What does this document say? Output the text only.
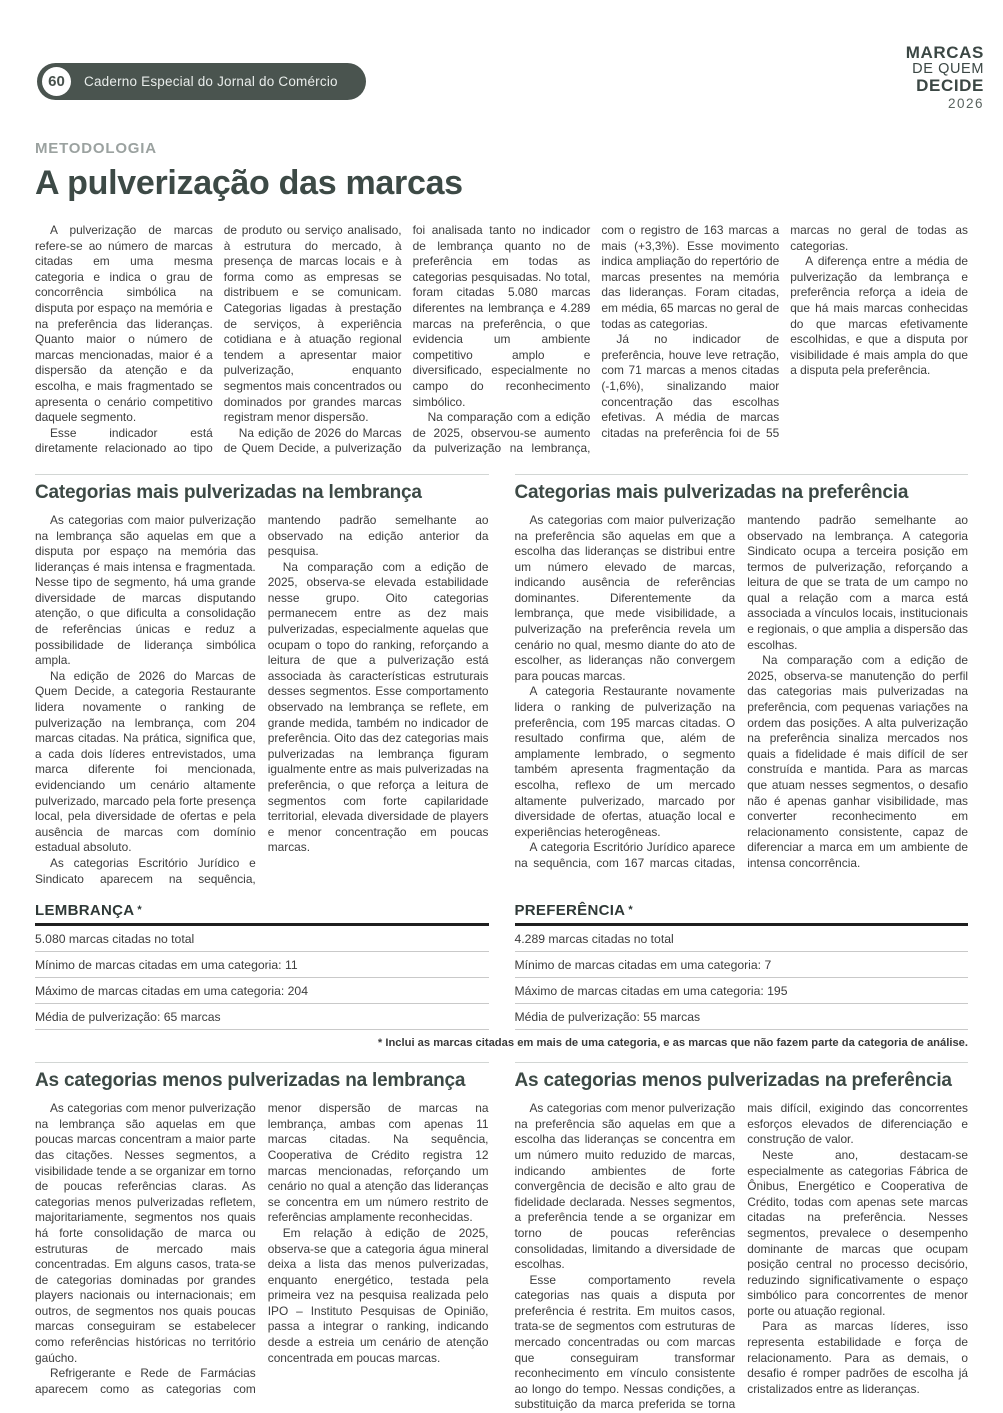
60	Caderno Especial do Jornal do Comércio
MARCAS
DE QUEM
DECIDE
2026
METODOLOGIA
A pulverização das marcas

A pulverização de marcas refere-se ao número de marcas citadas em uma mesma categoria e indica o grau de concorrência simbólica na disputa por espaço na memória e na preferência das lideranças. Quanto maior o número de marcas mencionadas, maior é a dispersão da atenção e da escolha, e mais fragmentado se apresenta o cenário competitivo daquele segmento.

Esse indicador está diretamente relacionado ao tipo de produto ou serviço analisado, à estrutura do mercado, à presença de marcas locais e à forma como as empresas se distribuem e se comunicam. Categorias ligadas à prestação de serviços, à experiência cotidiana e à atuação regional tendem a apresentar maior pulverização, enquanto segmentos mais concentrados ou dominados por grandes marcas registram menor dispersão.

Na edição de 2026 do Marcas de Quem Decide, a pulverização foi analisada tanto no indicador de lembrança quanto no de preferência em todas as categorias pesquisadas. No total, foram citadas 5.080 marcas diferentes na lembrança e 4.289 marcas na preferência, o que evidencia um ambiente competitivo amplo e diversificado, especialmente no campo do reconhecimento simbólico.

Na comparação com a edição de 2025, observou-se aumento da pulverização na lembrança, com o registro de 163 marcas a mais (+3,3%). Esse movimento indica ampliação do repertório de marcas presentes na memória das lideranças. Foram citadas, em média, 65 marcas no geral de todas as categorias.

Já no indicador de preferência, houve leve retração, com 71 marcas a menos citadas (-1,6%), sinalizando maior concentração das escolhas efetivas. A média de marcas citadas na preferência foi de 55 marcas no geral de todas as categorias.

A diferença entre a média de pulverização da lembrança e preferência reforça a ideia de que há mais marcas conhecidas do que marcas efetivamente escolhidas, e que a disputa por visibilidade é mais ampla do que a disputa pela preferência.

Categorias mais pulverizadas na lembrança

As categorias com maior pulverização na lembrança são aquelas em que a disputa por espaço na memória das lideranças é mais intensa e fragmentada. Nesse tipo de segmento, há uma grande diversidade de marcas disputando atenção, o que dificulta a consolidação de referências únicas e reduz a possibilidade de liderança simbólica ampla.

Na edição de 2026 do Marcas de Quem Decide, a categoria Restaurante lidera novamente o ranking de pulverização na lembrança, com 204 marcas citadas. Na prática, significa que, a cada dois líderes entrevistados, uma marca diferente foi mencionada, evidenciando um cenário altamente pulverizado, marcado pela forte presença local, pela diversidade de ofertas e pela ausência de marcas com domínio estadual absoluto.

As categorias Escritório Jurídico e Sindicato aparecem na sequência, mantendo padrão semelhante ao observado na edição anterior da pesquisa.

Na comparação com a edição de 2025, observa-se elevada estabilidade nesse grupo. Oito categorias permanecem entre as dez mais pulverizadas, especialmente aquelas que ocupam o topo do ranking, reforçando a leitura de que a pulverização está associada às características estruturais desses segmentos. Esse comportamento observado na lembrança se reflete, em grande medida, também no indicador de preferência. Oito das dez categorias mais pulverizadas na lembrança figuram igualmente entre as mais pulverizadas na preferência, o que reforça a leitura de segmentos com forte capilaridade territorial, elevada diversidade de players e menor concentração em poucas marcas.

Categorias mais pulverizadas na preferência

As categorias com maior pulverização na preferência são aquelas em que a escolha das lideranças se distribui entre um número elevado de marcas, indicando ausência de referências dominantes. Diferentemente da lembrança, que mede visibilidade, a pulverização na preferência revela um cenário no qual, mesmo diante do ato de escolher, as lideranças não convergem para poucas marcas.

A categoria Restaurante novamente lidera o ranking de pulverização na preferência, com 195 marcas citadas. O resultado confirma que, além de amplamente lembrado, o segmento também apresenta fragmentação da escolha, reflexo de um mercado altamente pulverizado, marcado por diversidade de ofertas, atuação local e experiências heterogêneas.

A categoria Escritório Jurídico aparece na sequência, com 167 marcas citadas, mantendo padrão semelhante ao observado na lembrança. A categoria Sindicato ocupa a terceira posição em termos de pulverização, reforçando a leitura de que se trata de um campo no qual a relação com a marca está associada a vínculos locais, institucionais e regionais, o que amplia a dispersão das escolhas.

Na comparação com a edição de 2025, observa-se manutenção do perfil das categorias mais pulverizadas na preferência, com pequenas variações na ordem das posições. A alta pulverização na preferência sinaliza mercados nos quais a fidelidade é mais difícil de ser construída e mantida. Para as marcas que atuam nesses segmentos, o desafio não é apenas ganhar visibilidade, mas converter reconhecimento em relacionamento consistente, capaz de diferenciar a marca em um ambiente de intensa concorrência.

LEMBRANÇA *
5.080 marcas citadas no total
Mínimo de marcas citadas em uma categoria: 11
Máximo de marcas citadas em uma categoria: 204
Média de pulverização: 65 marcas
PREFERÊNCIA *
4.289 marcas citadas no total
Mínimo de marcas citadas em uma categoria: 7
Máximo de marcas citadas em uma categoria: 195
Média de pulverização: 55 marcas
* Inclui as marcas citadas em mais de uma categoria, e as marcas que não fazem parte da categoria de análise.
As categorias menos pulverizadas na lembrança

As categorias com menor pulverização na lembrança são aquelas em que poucas marcas concentram a maior parte das citações. Nesses segmentos, a visibilidade tende a se organizar em torno de poucas referências claras. As categorias menos pulverizadas refletem, majoritariamente, segmentos nos quais há forte consolidação de marca ou estruturas de mercado mais concentradas. Em alguns casos, trata-se de categorias dominadas por grandes players nacionais ou internacionais; em outros, de segmentos nos quais poucas marcas conseguiram se estabelecer como referências históricas no território gaúcho.

Refrigerante e Rede de Farmácias aparecem como as categorias com menor dispersão de marcas na lembrança, ambas com apenas 11 marcas citadas. Na sequência, Cooperativa de Crédito registra 12 marcas mencionadas, reforçando um cenário no qual a atenção das lideranças se concentra em um número restrito de referências amplamente reconhecidas.

Em relação à edição de 2025, observa-se que a categoria água mineral deixa a lista das menos pulverizadas, enquanto energético, testada pela primeira vez na pesquisa realizada pelo IPO – Instituto Pesquisas de Opinião, passa a integrar o ranking, indicando desde a estreia um cenário de atenção concentrada em poucas marcas.

As categorias menos pulverizadas na preferência

As categorias com menor pulverização na preferência são aquelas em que a escolha das lideranças se concentra em um número muito reduzido de marcas, indicando ambientes de forte convergência de decisão e alto grau de fidelidade declarada. Nesses segmentos, a preferência tende a se organizar em torno de poucas referências consolidadas, limitando a diversidade de escolhas.

Esse comportamento revela categorias nas quais a disputa por preferência é restrita. Em muitos casos, trata-se de segmentos com estruturas de mercado concentradas ou com marcas que conseguiram transformar reconhecimento em vínculo consistente ao longo do tempo. Nessas condições, a substituição da marca preferida se torna mais difícil, exigindo das concorrentes esforços elevados de diferenciação e construção de valor.

Neste ano, destacam-se especialmente as categorias Fábrica de Ônibus, Energético e Cooperativa de Crédito, todas com apenas sete marcas citadas na preferência. Nesses segmentos, prevalece o desempenho dominante de marcas que ocupam posição central no processo decisório, reduzindo significativamente o espaço simbólico para concorrentes de menor porte ou atuação regional.

Para as marcas líderes, isso representa estabilidade e força de relacionamento. Para as demais, o desafio é romper padrões de escolha já cristalizados entre as lideranças.
